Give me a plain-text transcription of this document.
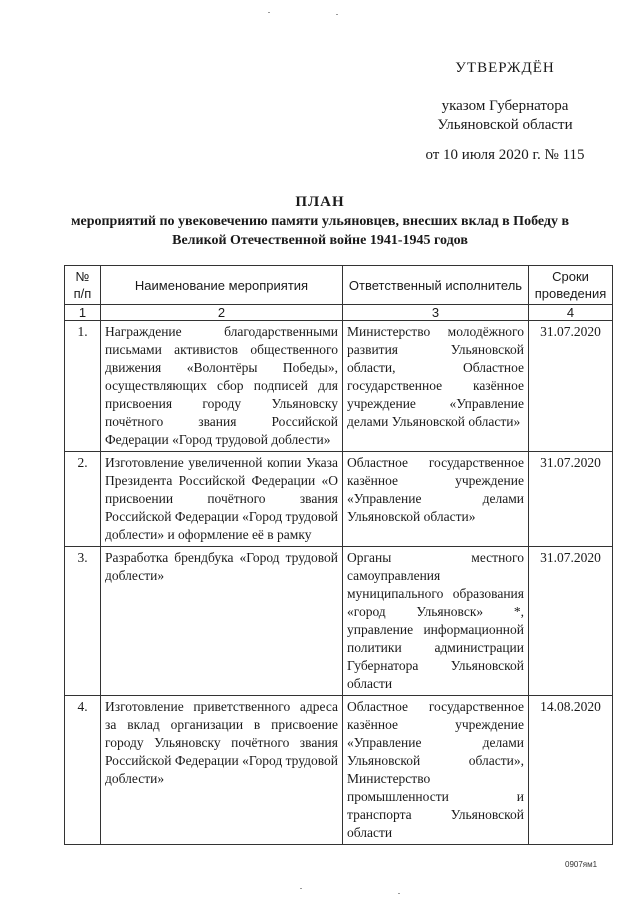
УТВЕРЖДЁН
указом Губернатора Ульяновской области
от 10 июля 2020 г. № 115
ПЛАН
мероприятий по увековечению памяти ульяновцев, внесших вклад в Победу в Великой Отечественной войне 1941-1945 годов
№ п/п	Наименование мероприятия	Ответственный исполнитель	Сроки проведения
1	2	3	4
1.	Награждение благодарственными письмами активистов общественного движения «Волонтёры Победы», осуществляющих сбор подписей для присвоения городу Ульяновску почётного звания Российской Федерации «Город трудовой доблести»	Министерство молодёжного развития Ульяновской области, Областное государственное казённое учреждение «Управление делами Ульяновской области»	31.07.2020
2.	Изготовление увеличенной копии Указа Президента Российской Федерации «О присвоении почётного звания Российской Федерации «Город трудовой доблести» и оформление её в рамку	Областное государственное казённое учреждение «Управление делами Ульяновской области»	31.07.2020
3.	Разработка брендбука «Город трудовой доблести»	Органы местного самоуправления муниципального образования «город Ульяновск» *, управление информационной политики администрации Губернатора Ульяновской области	31.07.2020
4.	Изготовление приветственного адреса за вклад организации в присвоение городу Ульяновску почётного звания Российской Федерации «Город трудовой доблести»	Областное государственное казённое учреждение «Управление делами Ульяновской области», Министерство промышленности и транспорта Ульяновской области	14.08.2020
0907ям1
